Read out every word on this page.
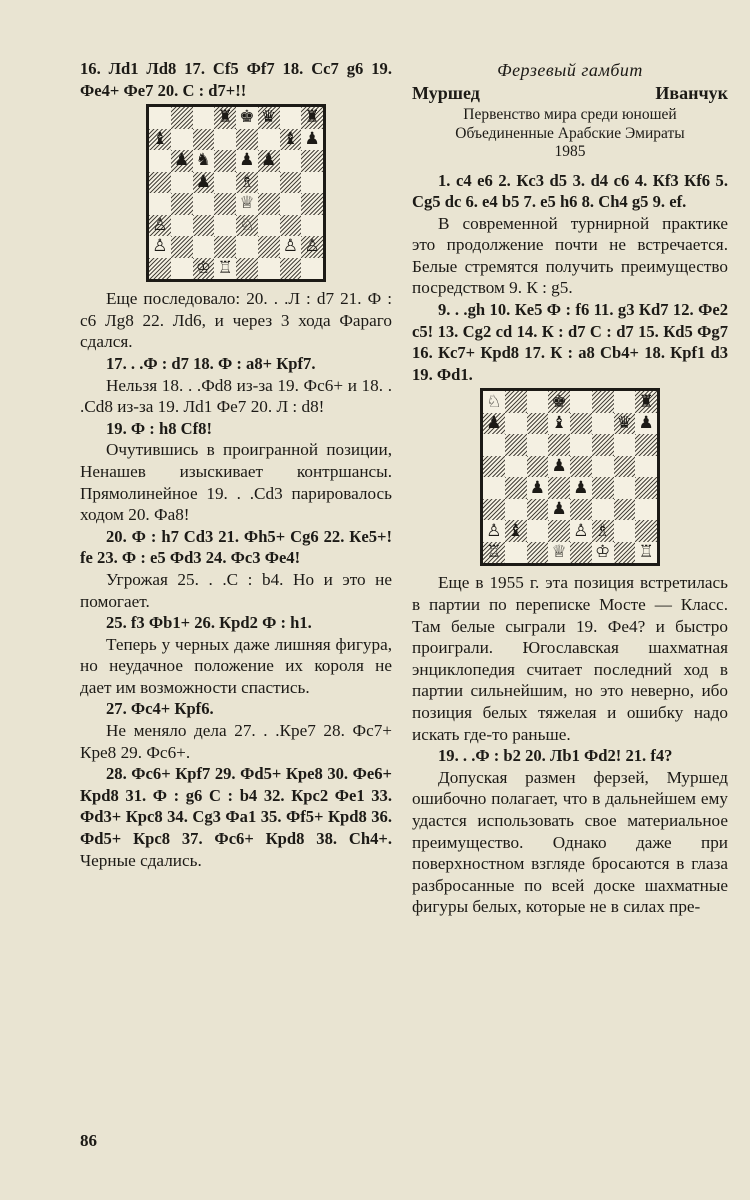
16. Лd1 Лd8 17. Cf5 Фf7 18. Cc7 g6 19. Фe4+ Фe7 20. С : d7+!!

♜ ♚ ♛ ♜
♝	♝ ♟
♟ ♞ ♟ ♟
♟ ♗
♕
♙	♘
♙	♙ ♙
♔ ♖

Еще последовало: 20. . .Л : d7 21. Ф : c6 Лg8 22. Лd6, и через 3 хода Фараго сдался.

17. . .Ф : d7 18. Ф : a8+ Крf7.

Нельзя 18. . .Фd8 из-за 19. Фc6+ и 18. . .Cd8 из-за 19. Лd1 Фe7 20. Л : d8!

19. Ф : h8 Cf8!

Очутившись в проигранной позиции, Ненашев изыскивает контршансы. Прямолинейное 19. . .Cd3 парировалось ходом 20. Фa8!

20. Ф : h7 Cd3 21. Фh5+ Cg6 22. Кe5+! fe 23. Ф : e5 Фd3 24. Фc3 Фe4!

Угрожая 25. . .С : b4. Но и это не помогает.

25. f3 Фb1+ 26. Крd2 Ф : h1.

Теперь у черных даже лишняя фигура, но неудачное положение их короля не дает им возможности спастись.

27. Фc4+ Крf6.

Не меняло дела 27. . .Кре7 28. Фc7+ Кре8 29. Фc6+.

28. Фc6+ Крf7 29. Фd5+ Кре8 30. Фe6+ Крd8 31. Ф : g6 С : b4 32. Крc2 Фe1 33. Фd3+ Крc8 34. Cg3 Фa1 35. Фf5+ Крd8 36. Фd5+ Крc8 37. Фc6+ Крd8 38. Ch4+. Черные сдались.

Ферзевый гамбит
Муршед	Иванчук
Первенство мира среди юношей
Объединенные Арабские Эмираты
1985

1. c4 e6 2. Кc3 d5 3. d4 c6 4. Кf3 Кf6 5. Cg5 dc 6. e4 b5 7. e5 h6 8. Ch4 g5 9. ef.

В современной турнирной практике это продолжение почти не встречается. Белые стремятся получить преимущество посредством 9. К : g5.

9. . .gh 10. Кe5 Ф : f6 11. g3 Кd7 12. Фe2 c5! 13. Cg2 cd 14. К : d7 С : d7 15. Кd5 Фg7 16. Кc7+ Крd8 17. К : a8 Cb4+ 18. Крf1 d3 19. Фd1.

♘	♚	♜
♟	♝	♛ ♟
♟
♟ ♟
♟
♙ ♝	♙ ♗
♖	♕ ♔ ♖

Еще в 1955 г. эта позиция встретилась в партии по переписке Мосте — Класс. Там белые сыграли 19. Фe4? и быстро проиграли. Югославская шахматная энциклопедия считает последний ход в партии сильнейшим, но это неверно, ибо позиция белых тяжелая и ошибку надо искать где-то раньше.

19. . .Ф : b2 20. Лb1 Фd2! 21. f4?

Допуская размен ферзей, Муршед ошибочно полагает, что в дальнейшем ему удастся использовать свое материальное преимущество. Однако даже при поверхностном взгляде бросаются в глаза разбросанные по всей доске шахматные фигуры белых, которые не в силах пре-

86
